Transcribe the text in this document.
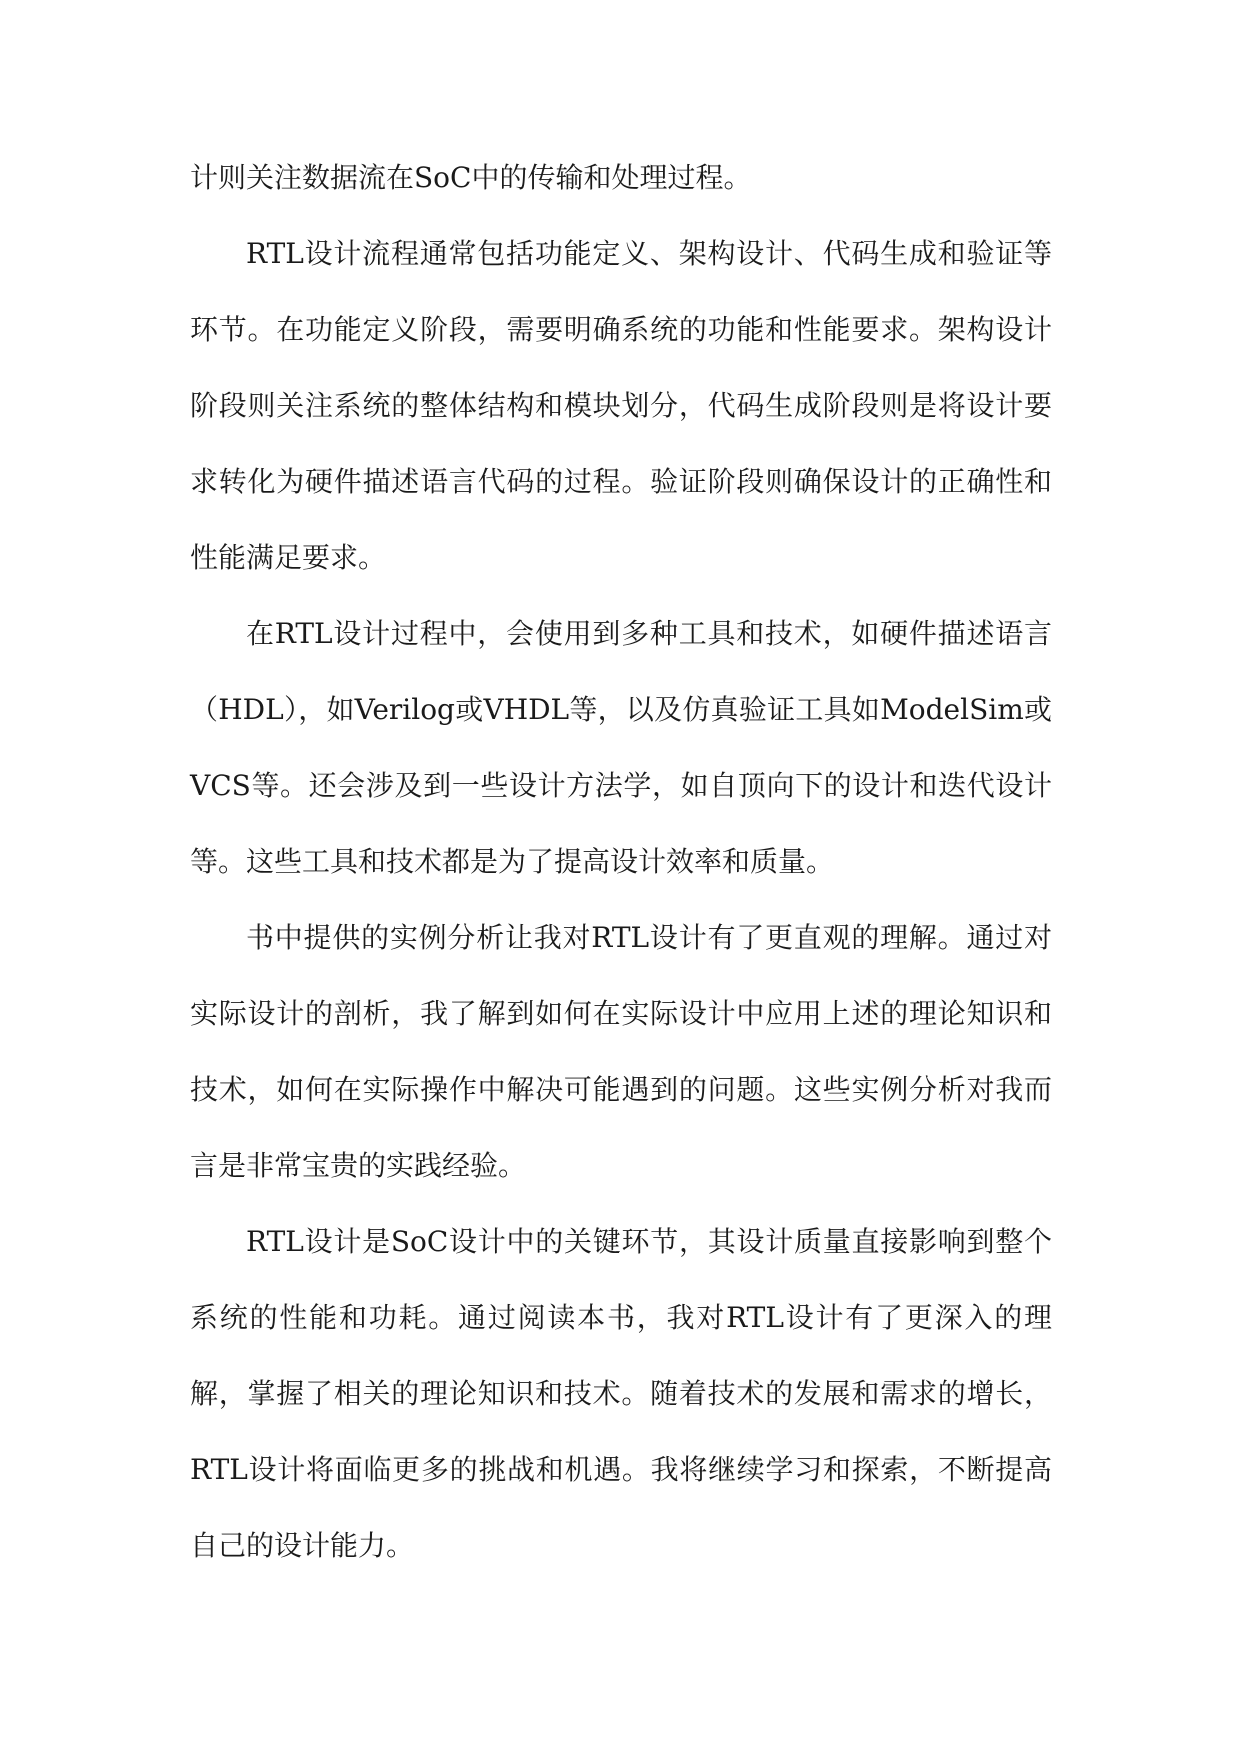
计则关注数据流在SoC中的传输和处理过程。

RTL设计流程通常包括功能定义、架构设计、代码生成和验证等环节。在功能定义阶段，需要明确系统的功能和性能要求。架构设计阶段则关注系统的整体结构和模块划分，代码生成阶段则是将设计要求转化为硬件描述语言代码的过程。验证阶段则确保设计的正确性和性能满足要求。

在RTL设计过程中，会使用到多种工具和技术，如硬件描述语言（HDL），如Verilog或VHDL等，以及仿真验证工具如ModelSim或VCS等。还会涉及到一些设计方法学，如自顶向下的设计和迭代设计等。这些工具和技术都是为了提高设计效率和质量。

书中提供的实例分析让我对RTL设计有了更直观的理解。通过对实际设计的剖析，我了解到如何在实际设计中应用上述的理论知识和技术，如何在实际操作中解决可能遇到的问题。这些实例分析对我而言是非常宝贵的实践经验。

RTL设计是SoC设计中的关键环节，其设计质量直接影响到整个系统的性能和功耗。通过阅读本书，我对RTL设计有了更深入的理解，掌握了相关的理论知识和技术。随着技术的发展和需求的增长，RTL设计将面临更多的挑战和机遇。我将继续学习和探索，不断提高自己的设计能力。
